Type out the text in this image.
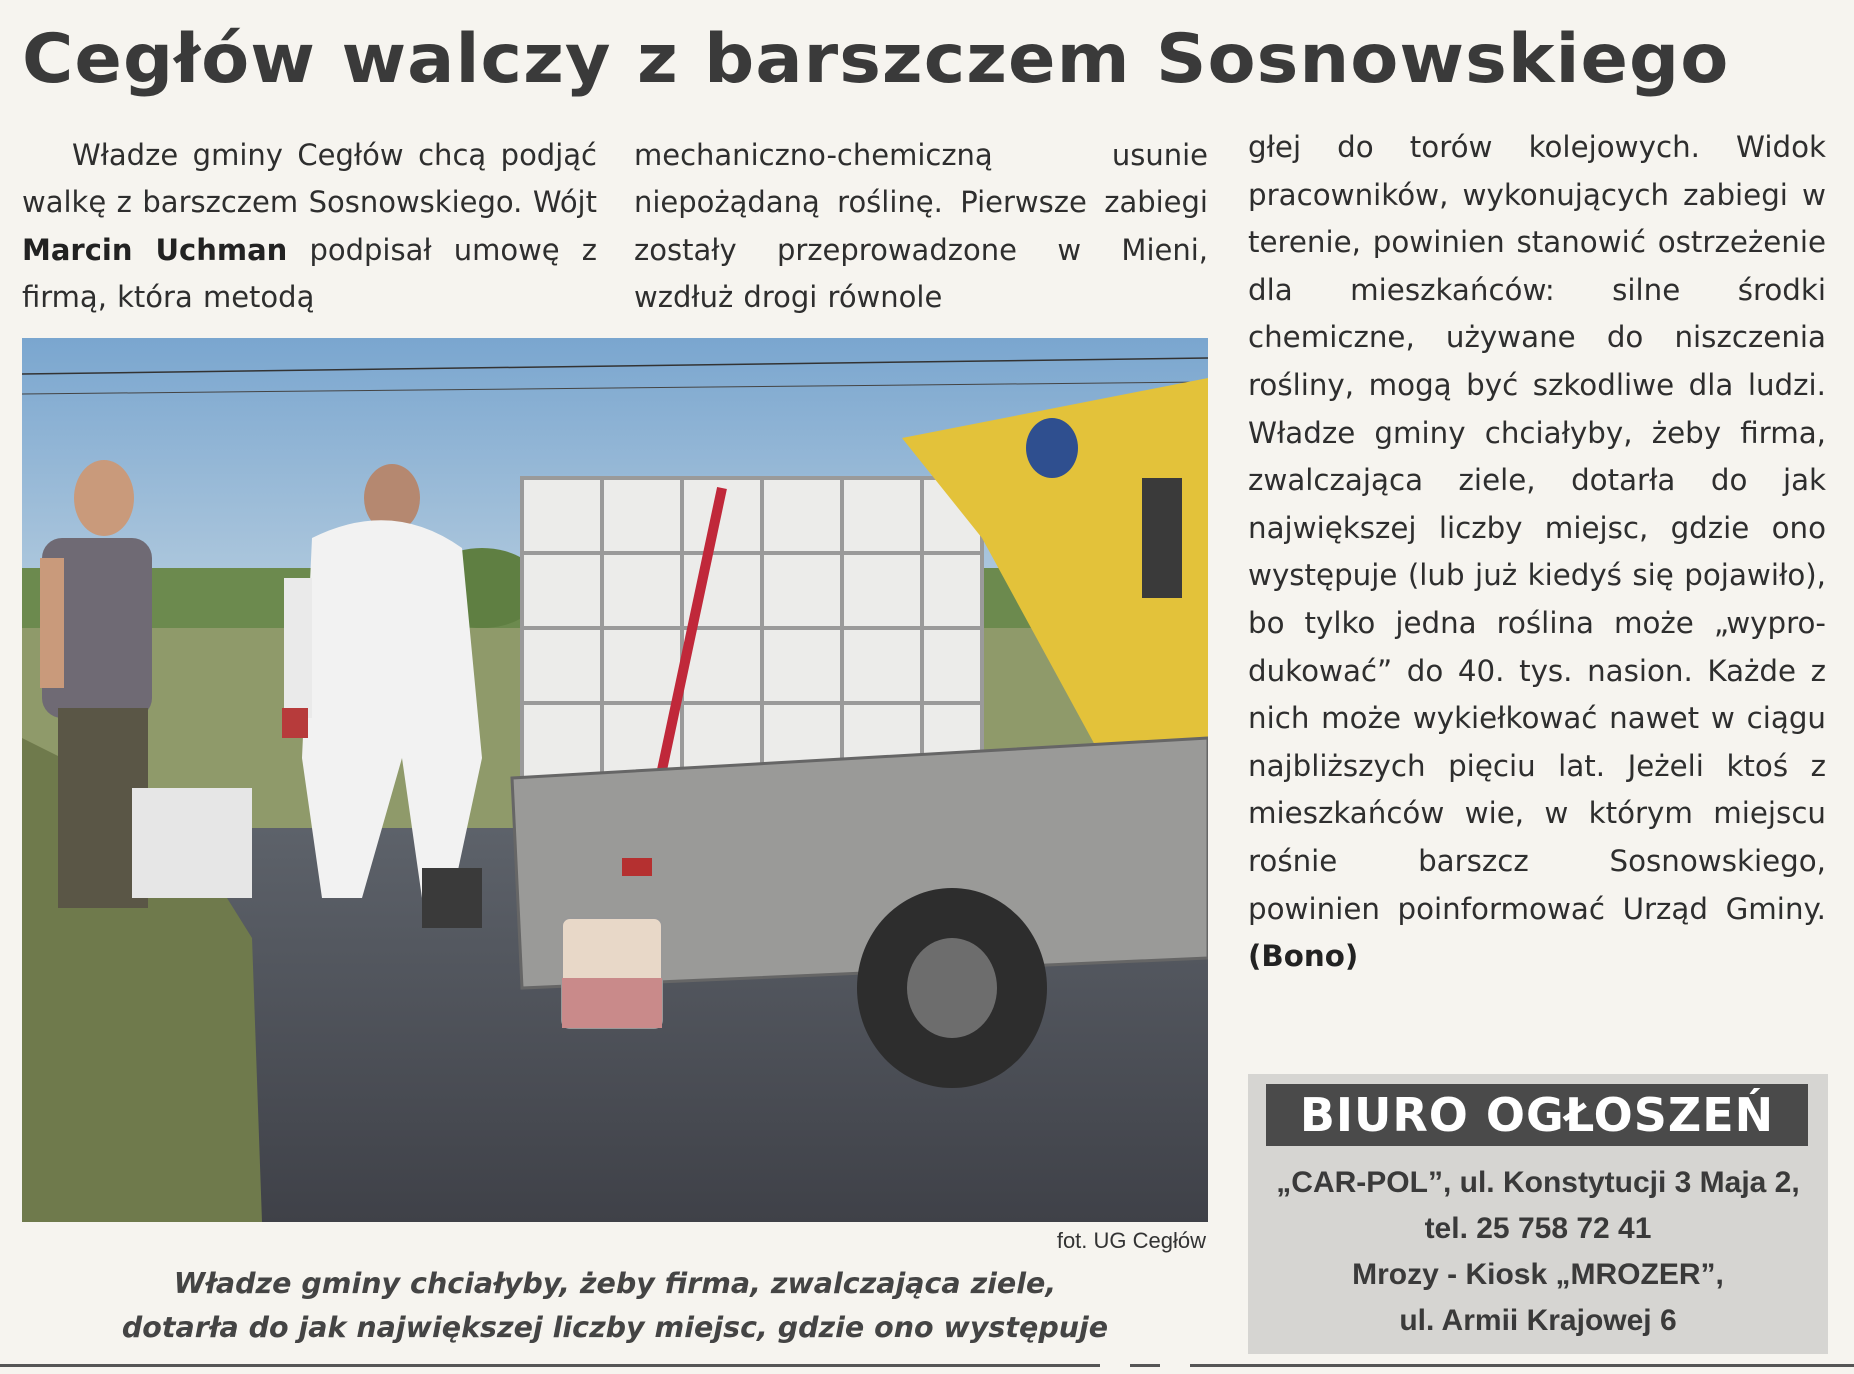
Cegłów walczy z barszczem Sosnowskiego

Władze gminy Cegłów chcą podjąć walkę z barszczem Sosnowskiego. Wójt Marcin Uchman podpisał umowę z firmą, która metodą

mechaniczno-chemiczną usunie niepożądaną roślinę. Pierwsze zabiegi zostały przeprowadzone w Mieni, wzdłuż drogi równole

głej do torów kolejowych. Widok pracowników, wykonujących zabiegi w terenie, powinien stanowić ostrzeżenie dla mieszkańców: silne środki chemiczne, używane do niszczenia rośliny, mogą być szkodliwe dla ludzi. Władze gminy chciałyby, żeby firma, zwalczająca ziele, dotarła do jak największej liczby miejsc, gdzie ono występuje (lub już kiedyś się pojawiło), bo tylko jedna roślina może „wyprodukować” do 40. tys. nasion. Każde z nich może wykiełkować nawet w ciągu najbliższych pięciu lat. Jeżeli ktoś z mieszkańców wie, w którym miejscu rośnie barszcz Sosnowskiego, powinien poinformować Urząd Gminy. (Bono)

fot. UG Cegłów

Władze gminy chciałyby, żeby firma, zwalczająca ziele,
dotarła do jak największej liczby miejsc, gdzie ono występuje

BIURO OGŁOSZEŃ
„CAR-POL”, ul. Konstytucji 3 Maja 2,
tel. 25 758 72 41
Mrozy - Kiosk „MROZER”,
ul. Armii Krajowej 6
